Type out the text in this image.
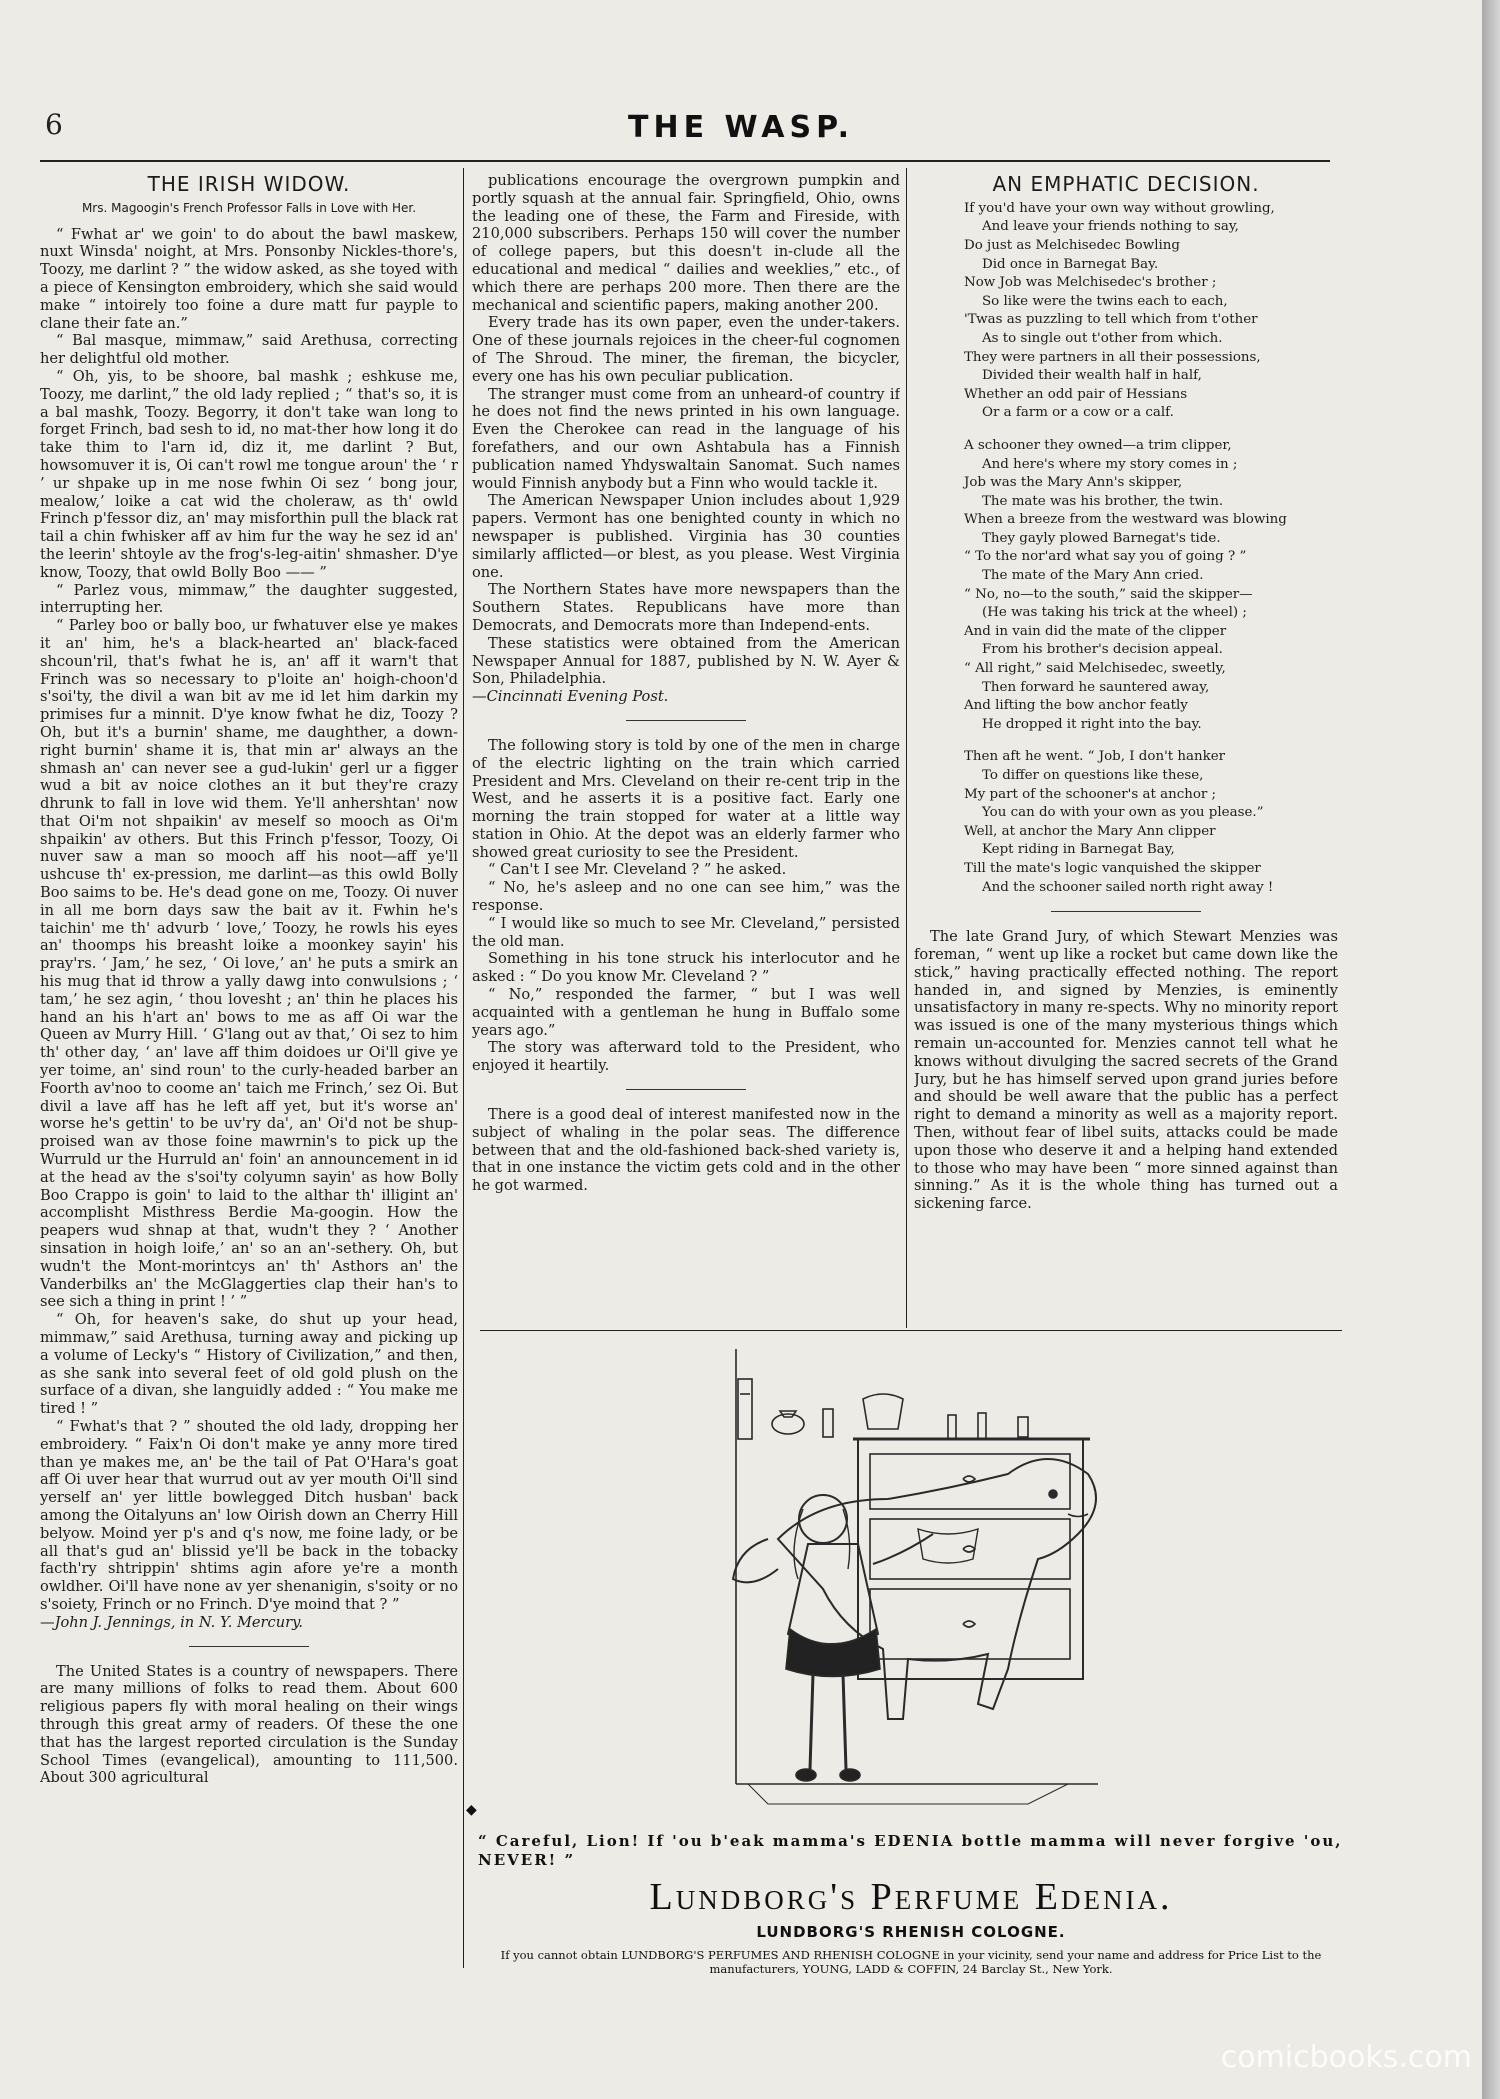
6	THE WASP.
THE IRISH WIDOW.
Mrs. Magoogin's French Professor Falls in Love with Her.

“ Fwhat ar' we goin' to do about the bawl maskew, nuxt Winsda' noight, at Mrs. Ponsonby Nickles-thore's, Toozy, me darlint ? ” the widow asked, as she toyed with a piece of Kensington embroidery, which she said would make “ intoirely too foine a dure matt fur payple to clane their fate an.”

“ Bal masque, mimmaw,” said Arethusa, correcting her delightful old mother.

“ Oh, yis, to be shoore, bal mashk ; eshkuse me, Toozy, me darlint,” the old lady replied ; “ that's so, it is a bal mashk, Toozy. Begorry, it don't take wan long to forget Frinch, bad sesh to id, no mat-ther how long it do take thim to l'arn id, diz it, me darlint ? But, howsomuver it is, Oi can't rowl me tongue aroun' the ‘ r ’ ur shpake up in me nose fwhin Oi sez ‘ bong jour, mealow,’ loike a cat wid the choleraw, as th' owld Frinch p'fessor diz, an' may misforthin pull the black rat tail a chin fwhisker aff av him fur the way he sez id an' the leerin' shtoyle av the frog's-leg-aitin' shmasher. D'ye know, Toozy, that owld Bolly Boo —— ”

“ Parlez vous, mimmaw,” the daughter suggested, interrupting her.

“ Parley boo or bally boo, ur fwhatuver else ye makes it an' him, he's a black-hearted an' black-faced shcoun'ril, that's fwhat he is, an' aff it warn't that Frinch was so necessary to p'loite an' hoigh-choon'd s'soi'ty, the divil a wan bit av me id let him darkin my primises fur a minnit. D'ye know fwhat he diz, Toozy ? Oh, but it's a burnin' shame, me daughther, a down-right burnin' shame it is, that min ar' always an the shmash an' can never see a gud-lukin' gerl ur a figger wud a bit av noice clothes an it but they're crazy dhrunk to fall in love wid them. Ye'll anhershtan' now that Oi'm not shpaikin' av meself so mooch as Oi'm shpaikin' av others. But this Frinch p'fessor, Toozy, Oi nuver saw a man so mooch aff his noot—aff ye'll ushcuse th' ex-pression, me darlint—as this owld Bolly Boo saims to be. He's dead gone on me, Toozy. Oi nuver in all me born days saw the bait av it. Fwhin he's taichin' me th' advurb ‘ love,’ Toozy, he rowls his eyes an' thoomps his breasht loike a moonkey sayin' his pray'rs. ‘ Jam,’ he sez, ‘ Oi love,’ an' he puts a smirk an his mug that id throw a yally dawg into conwulsions ; ‘ tam,’ he sez agin, ‘ thou lovesht ; an' thin he places his hand an his h'art an' bows to me as aff Oi war the Queen av Murry Hill. ‘ G'lang out av that,’ Oi sez to him th' other day, ‘ an' lave aff thim doidoes ur Oi'll give ye yer toime, an' sind roun' to the curly-headed barber an Foorth av'noo to coome an' taich me Frinch,’ sez Oi. But divil a lave aff has he left aff yet, but it's worse an' worse he's gettin' to be uv'ry da', an' Oi'd not be shup-proised wan av those foine mawrnin's to pick up the Wurruld ur the Hurruld an' foin' an announcement in id at the head av the s'soi'ty colyumn sayin' as how Bolly Boo Crappo is goin' to laid to the althar th' illigint an' accomplisht Misthress Berdie Ma-googin. How the peapers wud shnap at that, wudn't they ? ‘ Another sinsation in hoigh loife,’ an' so an an'-sethery. Oh, but wudn't the Mont-morintcys an' th' Asthors an' the Vanderbilks an' the McGlaggerties clap their han's to see sich a thing in print ! ’ ”

“ Oh, for heaven's sake, do shut up your head, mimmaw,” said Arethusa, turning away and picking up a volume of Lecky's “ History of Civilization,” and then, as she sank into several feet of old gold plush on the surface of a divan, she languidly added : “ You make me tired ! ”

“ Fwhat's that ? ” shouted the old lady, dropping her embroidery. “ Faix'n Oi don't make ye anny more tired than ye makes me, an' be the tail of Pat O'Hara's goat aff Oi uver hear that wurrud out av yer mouth Oi'll sind yerself an' yer little bowlegged Ditch husban' back among the Oitalyuns an' low Oirish down an Cherry Hill belyow. Moind yer p's and q's now, me foine lady, or be all that's gud an' blissid ye'll be back in the tobacky facth'ry shtrippin' shtims agin afore ye're a month owldher. Oi'll have none av yer shenanigin, s'soity or no s'soiety, Frinch or no Frinch. D'ye moind that ? ”

—John J. Jennings, in N. Y. Mercury.

The United States is a country of newspapers. There are many millions of folks to read them. About 600 religious papers fly with moral healing on their wings through this great army of readers. Of these the one that has the largest reported circulation is the Sunday School Times (evangelical), amounting to 111,500. About 300 agricultural

publications encourage the overgrown pumpkin and portly squash at the annual fair. Springfield, Ohio, owns the leading one of these, the Farm and Fireside, with 210,000 subscribers. Perhaps 150 will cover the number of college papers, but this doesn't in-clude all the educational and medical “ dailies and weeklies,” etc., of which there are perhaps 200 more. Then there are the mechanical and scientific papers, making another 200.

Every trade has its own paper, even the under-takers. One of these journals rejoices in the cheer-ful cognomen of The Shroud. The miner, the fireman, the bicycler, every one has his own peculiar publication.

The stranger must come from an unheard-of country if he does not find the news printed in his own language. Even the Cherokee can read in the language of his forefathers, and our own Ashtabula has a Finnish publication named Yhdyswaltain Sanomat. Such names would Finnish anybody but a Finn who would tackle it.

The American Newspaper Union includes about 1,929 papers. Vermont has one benighted county in which no newspaper is published. Virginia has 30 counties similarly afflicted—or blest, as you please. West Virginia one.

The Northern States have more newspapers than the Southern States. Republicans have more than Democrats, and Democrats more than Independ-ents.

These statistics were obtained from the American Newspaper Annual for 1887, published by N. W. Ayer & Son, Philadelphia.

—Cincinnati Evening Post.

The following story is told by one of the men in charge of the electric lighting on the train which carried President and Mrs. Cleveland on their re-cent trip in the West, and he asserts it is a positive fact. Early one morning the train stopped for water at a little way station in Ohio. At the depot was an elderly farmer who showed great curiosity to see the President.

“ Can't I see Mr. Cleveland ? ” he asked.

“ No, he's asleep and no one can see him,” was the response.

“ I would like so much to see Mr. Cleveland,” persisted the old man.

Something in his tone struck his interlocutor and he asked : “ Do you know Mr. Cleveland ? ”

“ No,” responded the farmer, “ but I was well acquainted with a gentleman he hung in Buffalo some years ago.”

The story was afterward told to the President, who enjoyed it heartily.

There is a good deal of interest manifested now in the subject of whaling in the polar seas. The difference between that and the old-fashioned back-shed variety is, that in one instance the victim gets cold and in the other he got warmed.

AN EMPHATIC DECISION.
If you'd have your own way without growling,
And leave your friends nothing to say,
Do just as Melchisedec Bowling
Did once in Barnegat Bay.
Now Job was Melchisedec's brother ;
So like were the twins each to each,
'Twas as puzzling to tell which from t'other
As to single out t'other from which.
They were partners in all their possessions,
Divided their wealth half in half,
Whether an odd pair of Hessians
Or a farm or a cow or a calf.
A schooner they owned—a trim clipper,
And here's where my story comes in ;
Job was the Mary Ann's skipper,
The mate was his brother, the twin.
When a breeze from the westward was blowing
They gayly plowed Barnegat's tide.
“ To the nor'ard what say you of going ? ”
The mate of the Mary Ann cried.
“ No, no—to the south,” said the skipper—
(He was taking his trick at the wheel) ;
And in vain did the mate of the clipper
From his brother's decision appeal.
“ All right,” said Melchisedec, sweetly,
Then forward he sauntered away,
And lifting the bow anchor featly
He dropped it right into the bay.
Then aft he went. “ Job, I don't hanker
To differ on questions like these,
My part of the schooner's at anchor ;
You can do with your own as you please.”
Well, at anchor the Mary Ann clipper
Kept riding in Barnegat Bay,
Till the mate's logic vanquished the skipper
And the schooner sailed north right away !

The late Grand Jury, of which Stewart Menzies was foreman, “ went up like a rocket but came down like the stick,” having practically effected nothing. The report handed in, and signed by Menzies, is eminently unsatisfactory in many re-spects. Why no minority report was issued is one of the many mysterious things which remain un-accounted for. Menzies cannot tell what he knows without divulging the sacred secrets of the Grand Jury, but he has himself served upon grand juries before and should be well aware that the public has a perfect right to demand a minority as well as a majority report. Then, without fear of libel suits, attacks could be made upon those who deserve it and a helping hand extended to those who may have been “ more sinned against than sinning.” As it is the whole thing has turned out a sickening farce.

◆
“ Careful, Lion! If 'ou b'eak mamma's EDENIA bottle mamma will never forgive 'ou, NEVER! ”
Lundborg's Perfume Edenia.
LUNDBORG'S RHENISH COLOGNE.
If you cannot obtain LUNDBORG'S PERFUMES AND RHENISH COLOGNE in your vicinity, send your name and address for Price List to the manufacturers, YOUNG, LADD & COFFIN, 24 Barclay St., New York.
comicbooks.com
